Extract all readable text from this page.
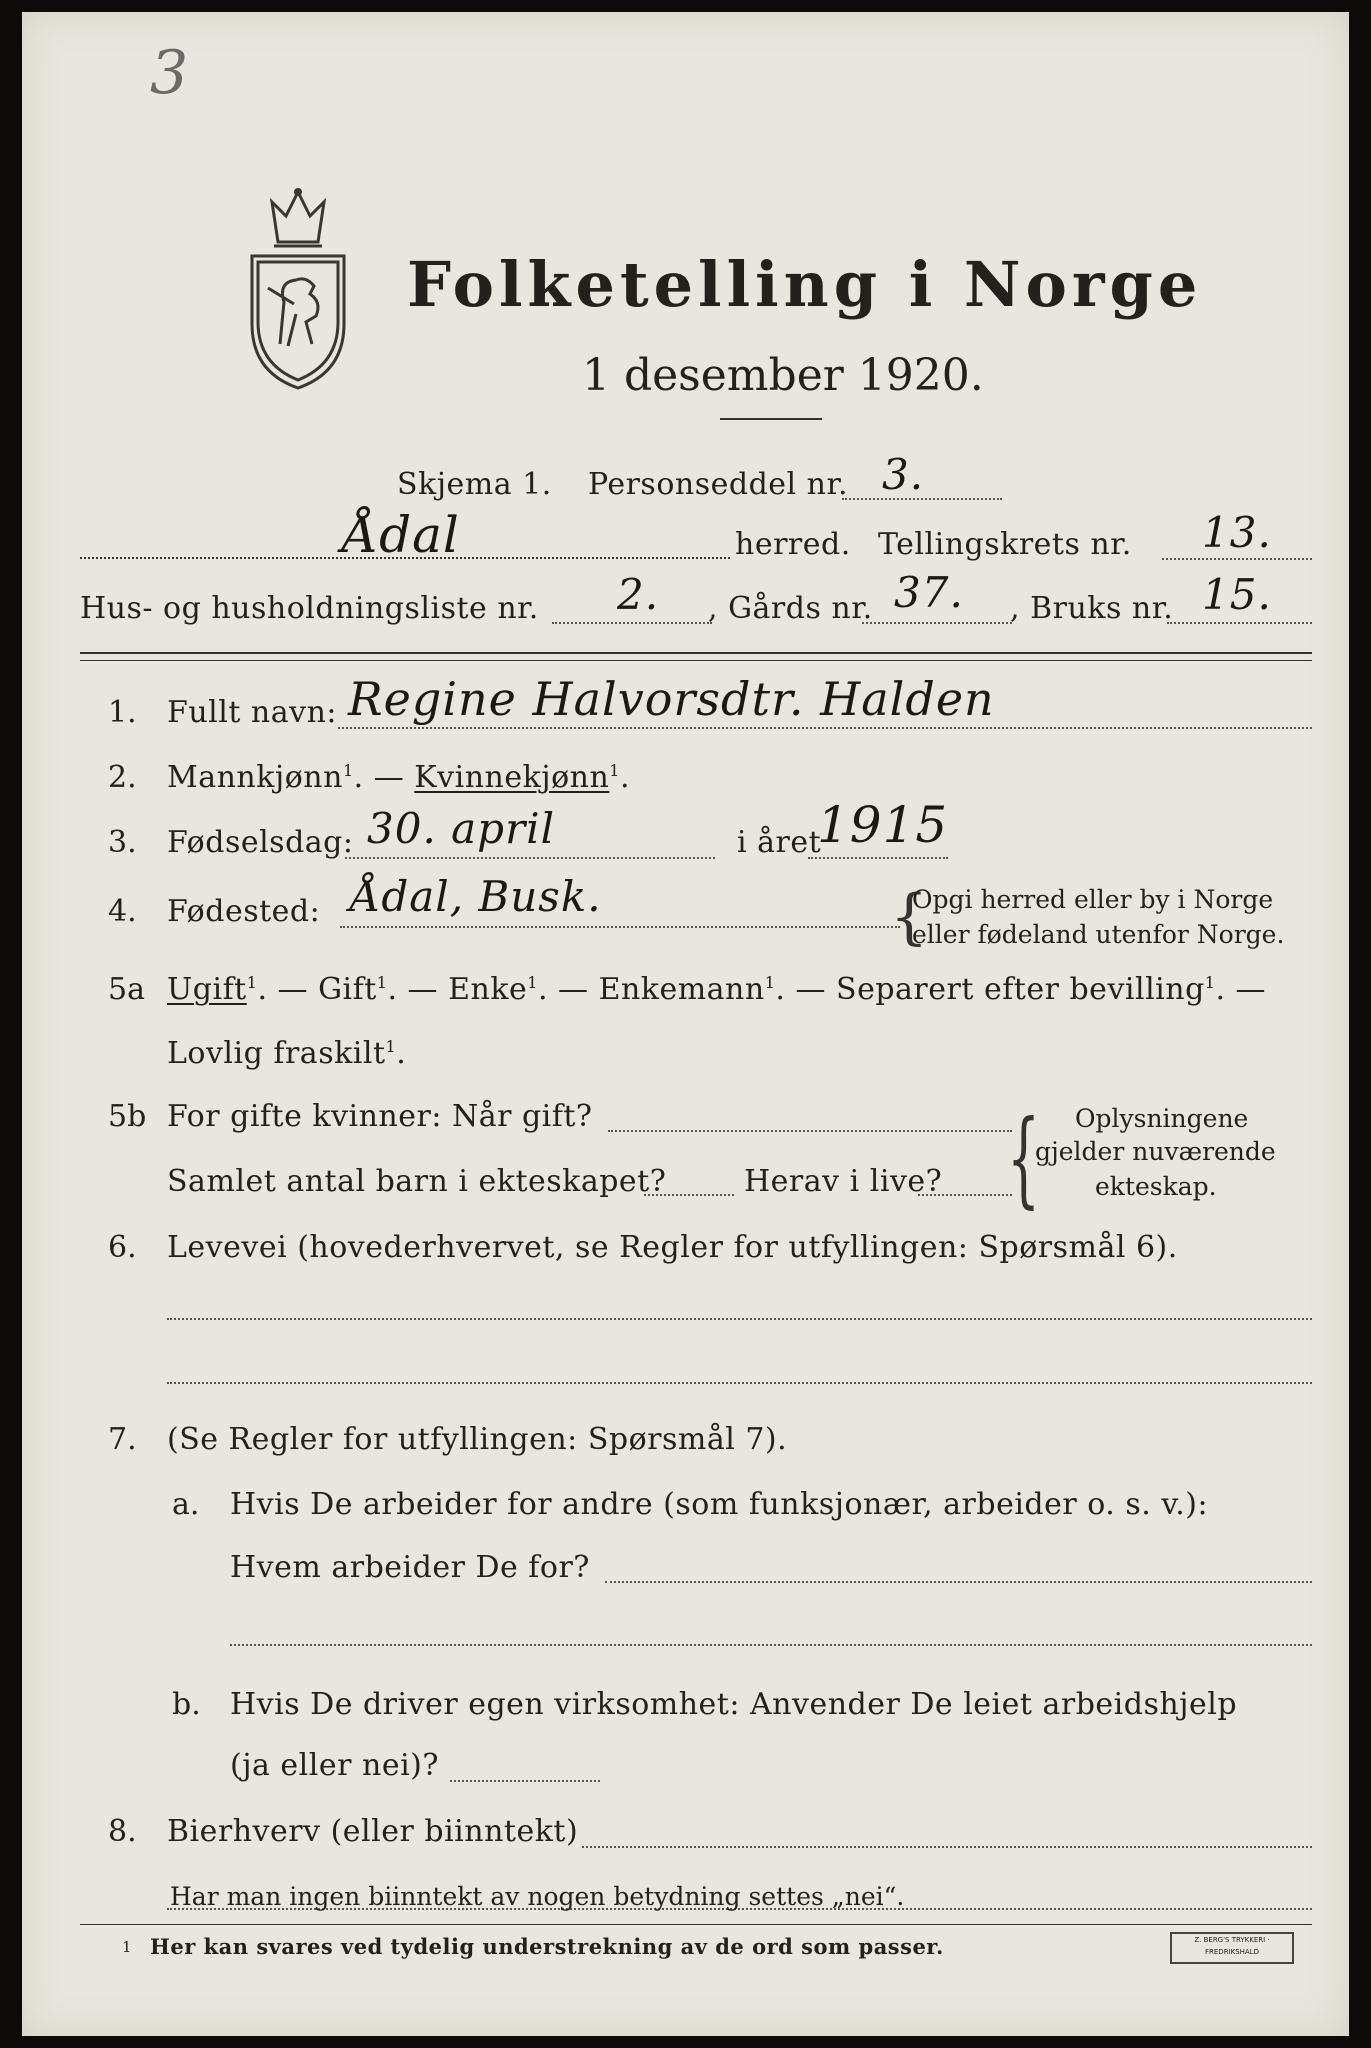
3
Folketelling i Norge
1 desember 1920.
Skjema 1. Personseddel nr. 3.
Ådal	herred. Tellingskrets nr. 13.
Hus- og husholdningsliste nr. 2. , Gårds nr. 37. , Bruks nr. 15.
1. Fullt navn: Regine Halvorsdtr. Halden
2. Mannkjønn$^1$. — Kvinnekjønn$^1$.
3. Fødselsdag: 30. april	i året
1915
4. Fødested: Ådal, Busk.	{
Opgi herred eller by i Norge
eller fødeland utenfor Norge.
5a Ugift$^1$. — Gift$^1$. — Enke$^1$. — Enkemann$^1$. — Separert efter bevilling$^1$. —
Lovlig fraskilt$^1$.
5b For gifte kvinner: Når gift?
Samlet antal barn i ekteskapet?	Herav i live? { Oplysningene
gjelder nuværende
ekteskap.
6. Levevei (hovederhvervet, se Regler for utfyllingen: Spørsmål 6).
7. (Se Regler for utfyllingen: Spørsmål 7).
a. Hvis De arbeider for andre (som funksjonær, arbeider o. s. v.):
Hvem arbeider De for?
b. Hvis De driver egen virksomhet: Anvender De leiet arbeidshjelp
(ja eller nei)?
8. Bierhverv (eller biinntekt)
Har man ingen biinntekt av nogen betydning settes „nei“.
1 Her kan svares ved tydelig understrekning av de ord som passer.	Z. BERG'S TRYKKERI · FREDRIKSHALD
